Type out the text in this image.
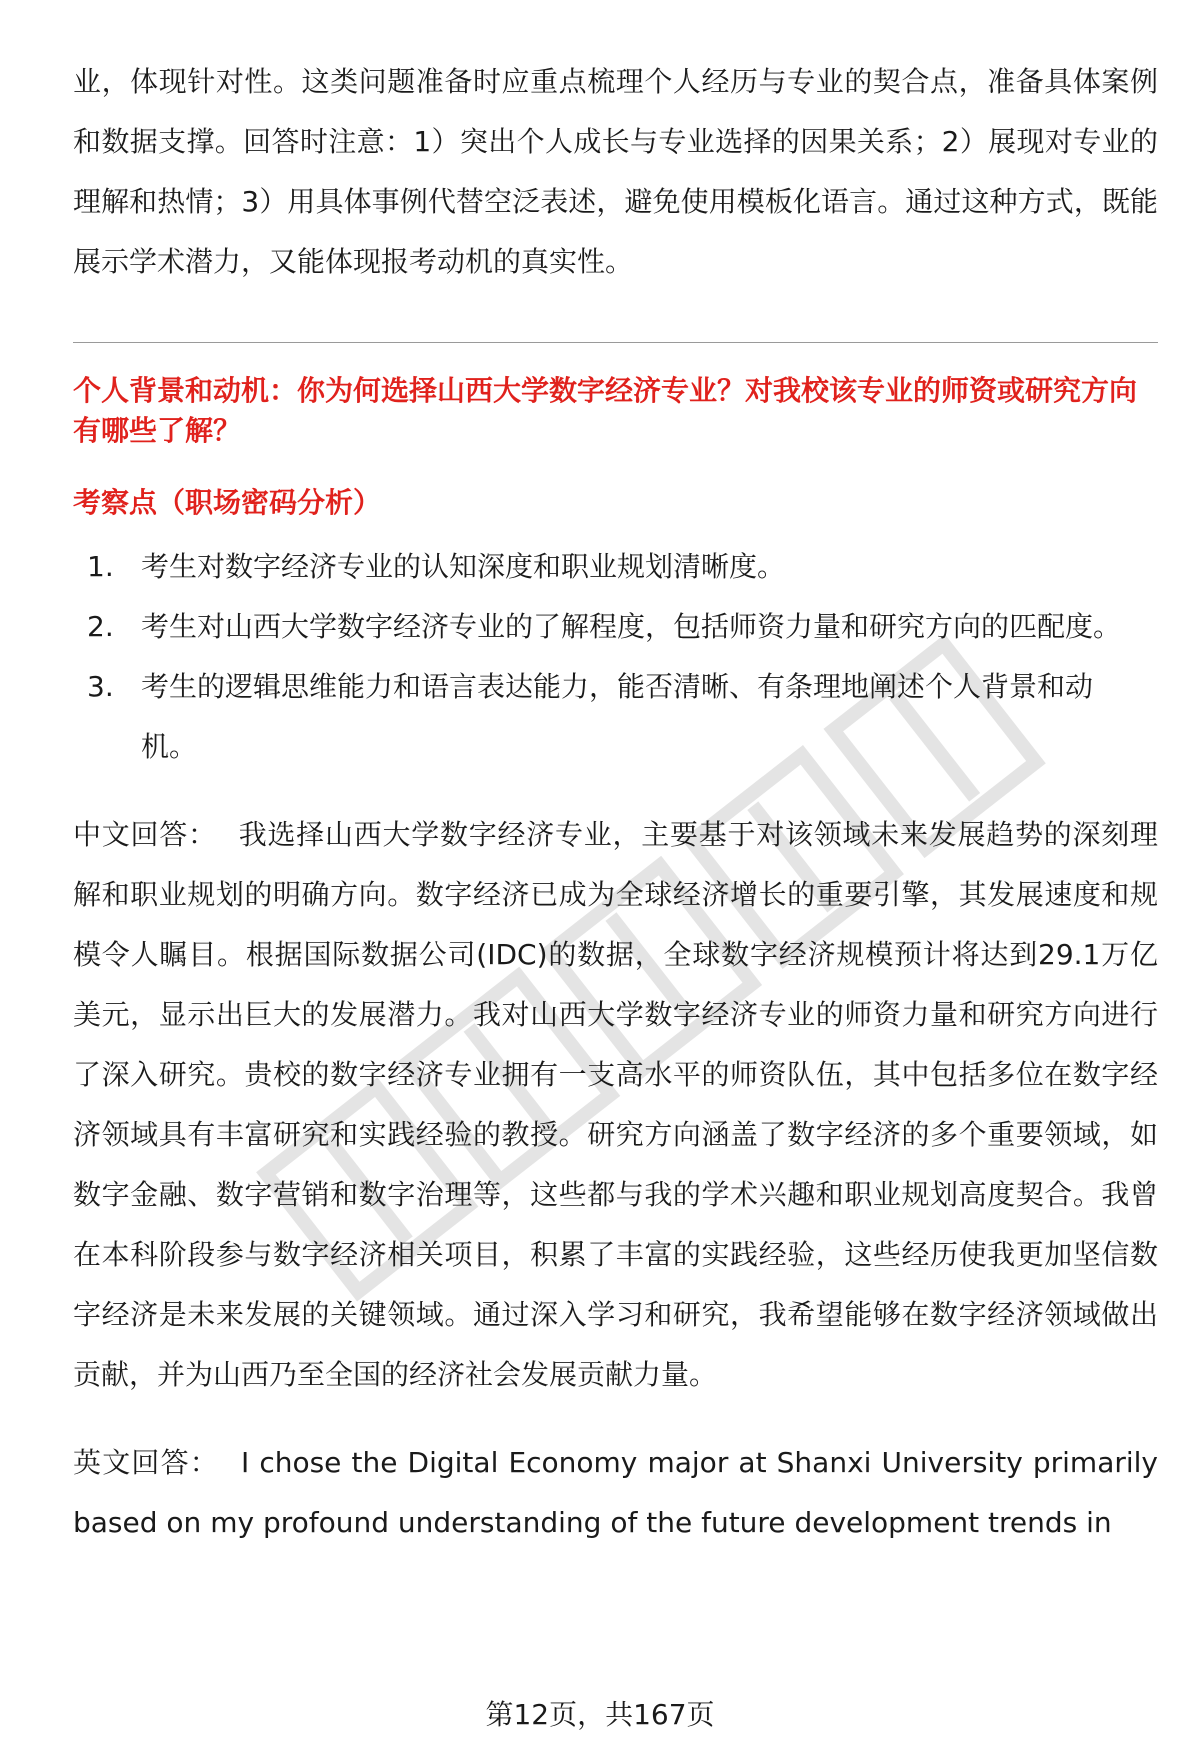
业，体现针对性。这类问题准备时应重点梳理个人经历与专业的契合点，准备具体案例和数据支撑。回答时注意：1）突出个人成长与专业选择的因果关系；2）展现对专业的理解和热情；3）用具体事例代替空泛表述，避免使用模板化语言。通过这种方式，既能展示学术潜力，又能体现报考动机的真实性。

个人背景和动机：你为何选择山西大学数字经济专业？对我校该专业的师资或研究方向有哪些了解？

考察点（职场密码分析）

1. 考生对数字经济专业的认知深度和职业规划清晰度。
2. 考生对山西大学数字经济专业的了解程度，包括师资力量和研究方向的匹配度。
3. 考生的逻辑思维能力和语言表达能力，能否清晰、有条理地阐述个人背景和动机。

中文回答： 我选择山西大学数字经济专业，主要基于对该领域未来发展趋势的深刻理解和职业规划的明确方向。数字经济已成为全球经济增长的重要引擎，其发展速度和规模令人瞩目。根据国际数据公司(IDC)的数据，全球数字经济规模预计将达到29.1万亿美元，显示出巨大的发展潜力。我对山西大学数字经济专业的师资力量和研究方向进行了深入研究。贵校的数字经济专业拥有一支高水平的师资队伍，其中包括多位在数字经济领域具有丰富研究和实践经验的教授。研究方向涵盖了数字经济的多个重要领域，如数字金融、数字营销和数字治理等，这些都与我的学术兴趣和职业规划高度契合。我曾在本科阶段参与数字经济相关项目，积累了丰富的实践经验，这些经历使我更加坚信数字经济是未来发展的关键领域。通过深入学习和研究，我希望能够在数字经济领域做出贡献，并为山西乃至全国的经济社会发展贡献力量。

英文回答： I chose the Digital Economy major at Shanxi University primarily based on my profound understanding of the future development trends in

第12页，共167页
